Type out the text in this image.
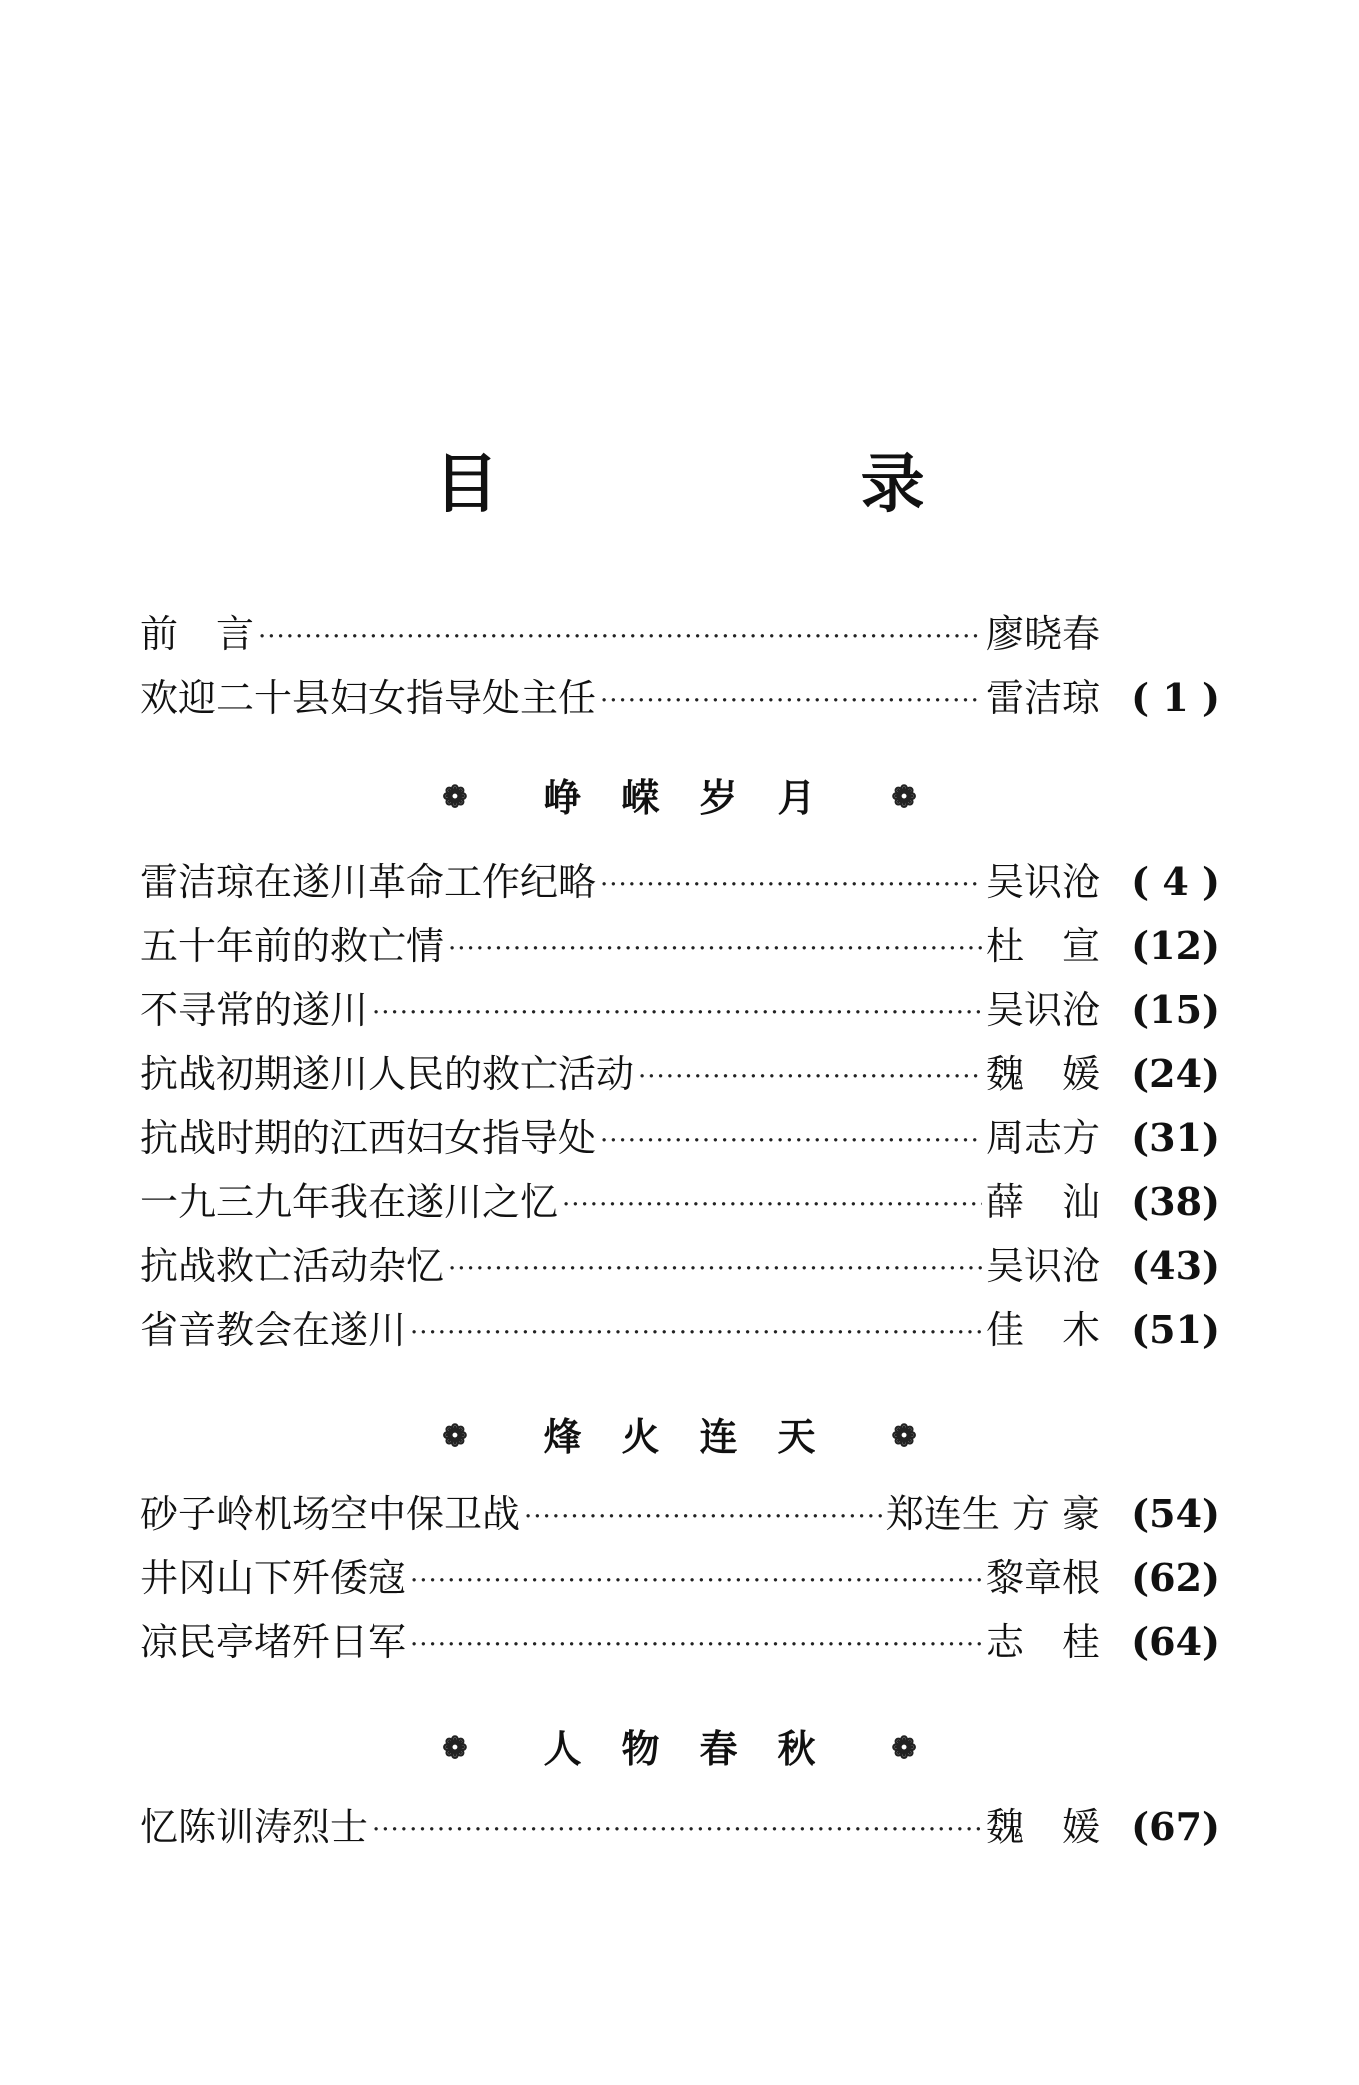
目 录
前　言 ·····	廖晓春
欢迎二十县妇女指导处主任 ·····	雷洁琼 ( 1 )
❁	峥嵘岁月 ❁
雷洁琼在遂川革命工作纪略 ·····	吴识沧 ( 4 )
五十年前的救亡情 ·····	杜　宣 (12)
不寻常的遂川 ·····	吴识沧 (15)
抗战初期遂川人民的救亡活动 ·····	魏　媛 (24)
抗战时期的江西妇女指导处 ·····	周志方 (31)
一九三九年我在遂川之忆 ·····	薛　汕 (38)
抗战救亡活动杂忆 ·····	吴识沧 (43)
省音教会在遂川 ·····	佳　木 (51)
❁	烽火连天 ❁
砂子岭机场空中保卫战 ·····	郑连生 方 豪 (54)
井冈山下歼倭寇 ·····	黎章根 (62)
凉民亭堵歼日军 ·····	志　桂 (64)
❁	人物春秋 ❁
忆陈训涛烈士 ·····	魏　媛 (67)
